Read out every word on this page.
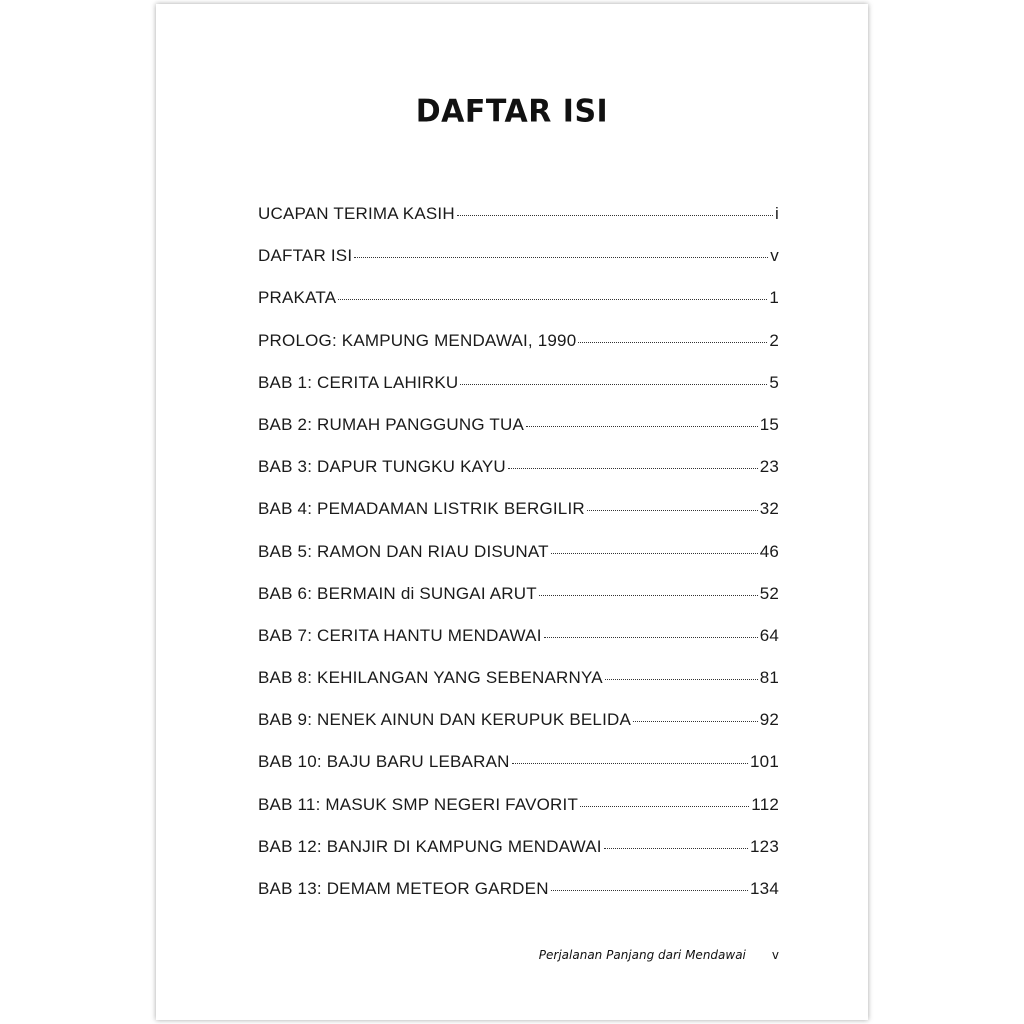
DAFTAR ISI
UCAPAN TERIMA KASIH	i
DAFTAR ISI	v
PRAKATA	1
PROLOG: KAMPUNG MENDAWAI, 1990	2
BAB 1: CERITA LAHIRKU	5
BAB 2: RUMAH PANGGUNG TUA	15
BAB 3: DAPUR TUNGKU KAYU	23
BAB 4: PEMADAMAN LISTRIK BERGILIR	32
BAB 5: RAMON DAN RIAU DISUNAT	46
BAB 6: BERMAIN di SUNGAI ARUT	52
BAB 7: CERITA HANTU MENDAWAI	64
BAB 8: KEHILANGAN YANG SEBENARNYA	81
BAB 9: NENEK AINUN DAN KERUPUK BELIDA	92
BAB 10: BAJU BARU LEBARAN	101
BAB 11: MASUK SMP NEGERI FAVORIT	112
BAB 12: BANJIR DI KAMPUNG MENDAWAI	123
BAB 13: DEMAM METEOR GARDEN	134
Perjalanan Panjang dari Mendawai v
